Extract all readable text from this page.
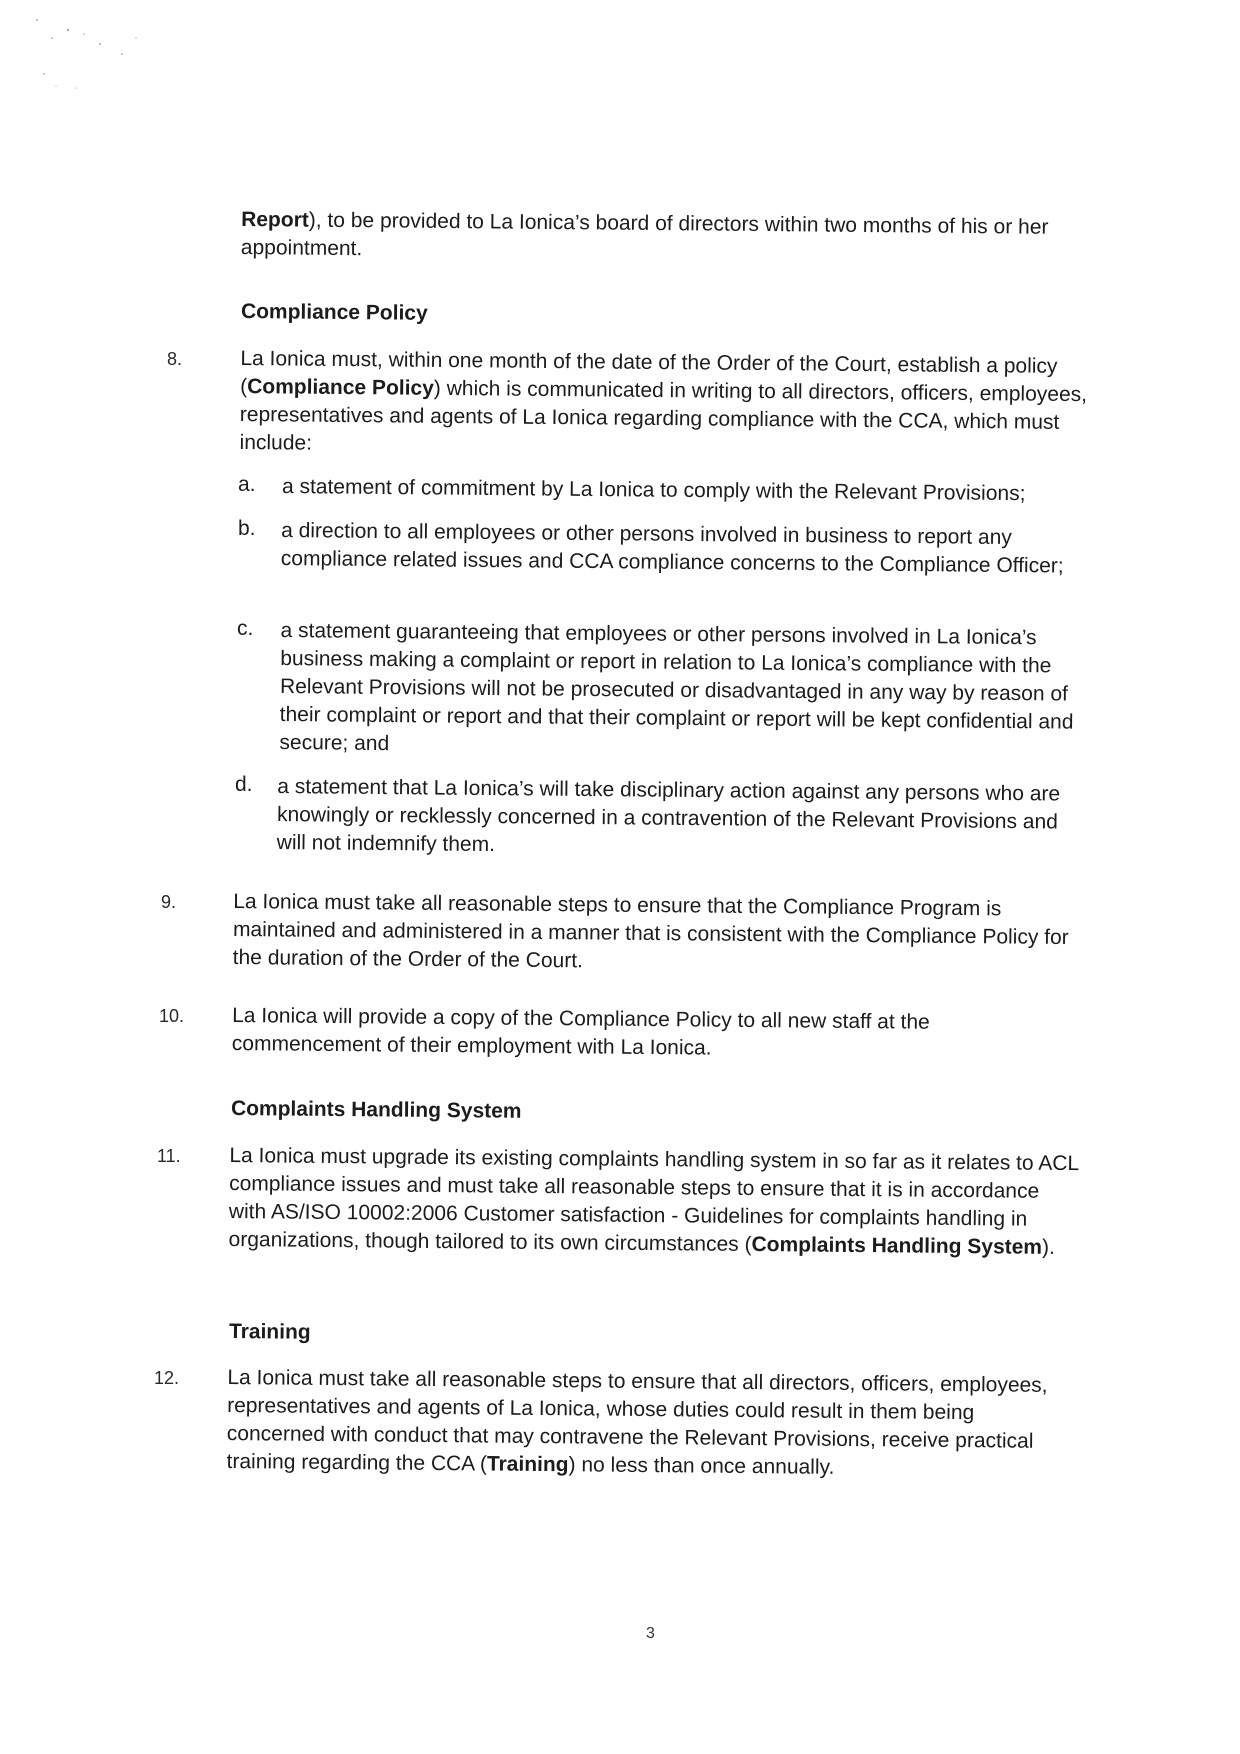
Report), to be provided to La Ionica’s board of directors within two months of his or her appointment.
Compliance Policy
8.	La Ionica must, within one month of the date of the Order of the Court, establish a policy (Compliance Policy) which is communicated in writing to all directors, officers, employees, representatives and agents of La Ionica regarding compliance with the CCA, which must include:
a. a statement of commitment by La Ionica to comply with the Relevant Provisions;
b. a direction to all employees or other persons involved in business to report any compliance related issues and CCA compliance concerns to the Compliance Officer;
c. a statement guaranteeing that employees or other persons involved in La Ionica’s business making a complaint or report in relation to La Ionica’s compliance with the Relevant Provisions will not be prosecuted or disadvantaged in any way by reason of their complaint or report and that their complaint or report will be kept confidential and secure; and
d. a statement that La Ionica’s will take disciplinary action against any persons who are knowingly or recklessly concerned in a contravention of the Relevant Provisions and will not indemnify them.
9.	La Ionica must take all reasonable steps to ensure that the Compliance Program is maintained and administered in a manner that is consistent with the Compliance Policy for the duration of the Order of the Court.
10. La Ionica will provide a copy of the Compliance Policy to all new staff at the commencement of their employment with La Ionica.
Complaints Handling System
11. La Ionica must upgrade its existing complaints handling system in so far as it relates to ACL compliance issues and must take all reasonable steps to ensure that it is in accordance with AS/ISO 10002:2006 Customer satisfaction - Guidelines for complaints handling in organizations, though tailored to its own circumstances (Complaints Handling System).
Training
12. La Ionica must take all reasonable steps to ensure that all directors, officers, employees, representatives and agents of La Ionica, whose duties could result in them being concerned with conduct that may contravene the Relevant Provisions, receive practical training regarding the CCA (Training) no less than once annually.
3
